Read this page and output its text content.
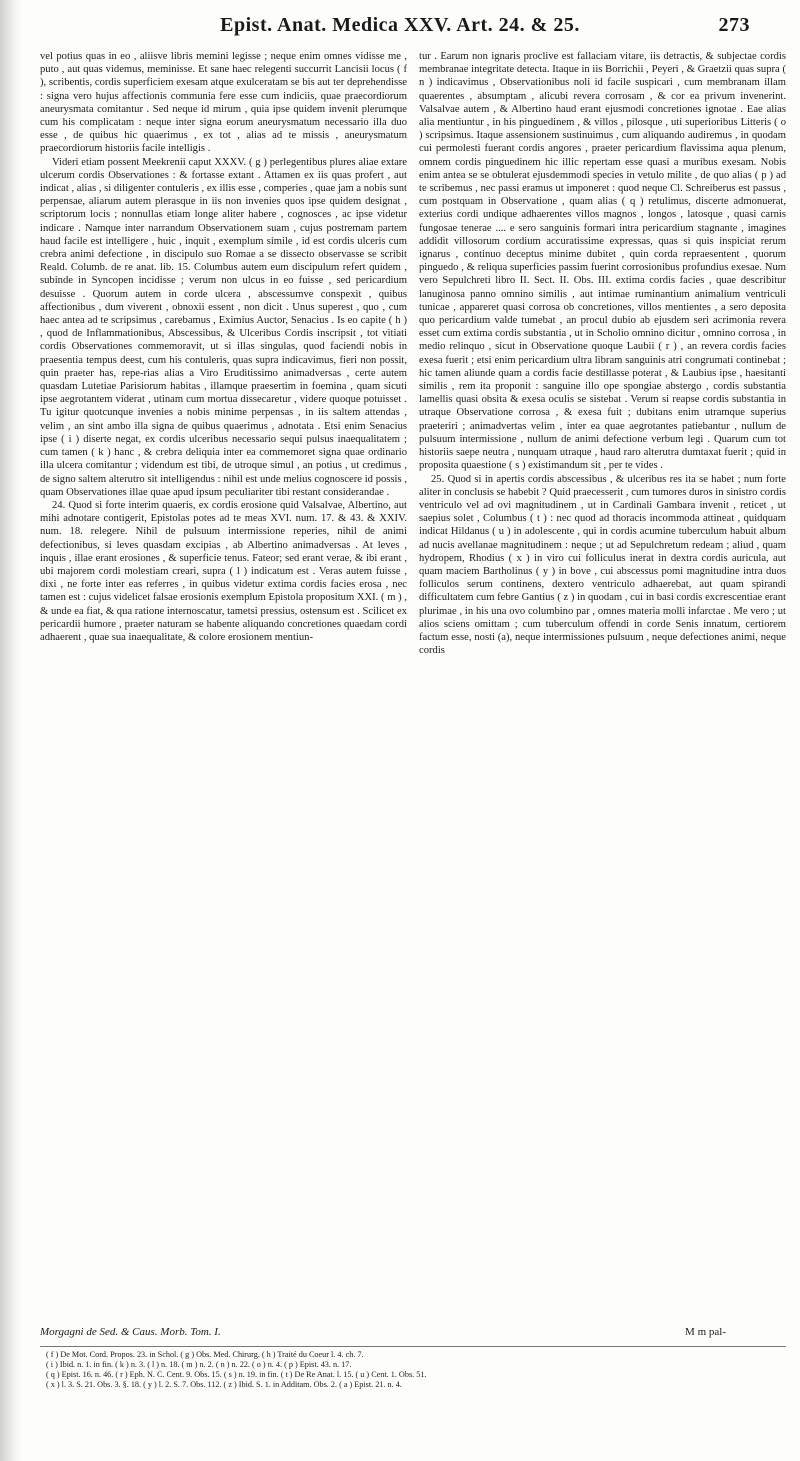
Epist. Anat. Medica XXV. Art. 24. & 25.	273

vel potius quas in eo , aliisve libris memini legisse ; neque enim omnes vidisse me , puto , aut quas videmus, meminisse. Et sane haec relegenti succurrit Lancisii locus ( f ), scribentis, cordis superficiem exesam atque exulceratam se bis aut ter deprehendisse : signa vero hujus affectionis communia fere esse cum indiciis, quae praecordiorum aneurysmata comitantur . Sed neque id mirum , quia ipse quidem invenit plerumque cum his complicatam : neque inter signa eorum aneurysmatum necessario illa duo esse , de quibus hic quaerimus , ex tot , alias ad te missis , aneurysmatum praecordiorum historiis facile intelligis .

Videri etiam possent Meekrenii caput XXXV. ( g ) perlegentibus plures aliae extare ulcerum cordis Observationes : & fortasse extant . Attamen ex iis quas profert , aut indicat , alias , si diligenter contuleris , ex illis esse , comperies , quae jam a nobis sunt perpensae, aliarum autem plerasque in iis non invenies quos ipse quidem designat , scriptorum locis ; nonnullas etiam longe aliter habere , cognosces , ac ipse videtur indicare . Namque inter narrandum Observationem suam , cujus postremam partem haud facile est intelligere , huic , inquit , exemplum simile , id est cordis ulceris cum crebra animi defectione , in discipulo suo Romae a se dissecto observasse se scribit Reald. Columb. de re anat. lib. 15. Columbus autem eum discipulum refert quidem , subinde in Syncopen incidisse ; verum non ulcus in eo fuisse , sed pericardium desuisse . Quorum autem in corde ulcera , abscessumve conspexit , quibus affectionibus , dum viverent , obnoxii essent , non dicit . Unus superest , quo , cum haec antea ad te scripsimus , carebamus , Eximius Auctor, Senacius . Is eo capite ( h ) , quod de Inflammationibus, Abscessibus, & Ulceribus Cordis inscripsit , tot vitiati cordis Observationes commemoravit, ut si illas singulas, quod faciendi nobis in praesentia tempus deest, cum his contuleris, quas supra indicavimus, fieri non possit, quin praeter has, repe-rias alias a Viro Eruditissimo animadversas , certe autem quasdam Lutetiae Parisiorum habitas , illamque praesertim in foemina , quam sicuti ipse aegrotantem viderat , utinam cum mortua dissecaretur , videre quoque potuisset . Tu igitur quotcunque invenies a nobis minime perpensas , in iis saltem attendas , velim , an sint ambo illa signa de quibus quaerimus , adnotata . Etsi enim Senacius ipse ( i ) diserte negat, ex cordis ulceribus necessario sequi pulsus inaequalitatem ; cum tamen ( k ) hanc , & crebra deliquia inter ea commemoret signa quae ordinario illa ulcera comitantur ; videndum est tibi, de utroque simul , an potius , ut credimus , de signo saltem alterutro sit intelligendus : nihil est unde melius cognoscere id possis , quam Observationes illae quae apud ipsum peculiariter tibi restant considerandae .

24. Quod si forte interim quaeris, ex cordis erosione quid Valsalvae, Albertino, aut mihi adnotare contigerit, Epistolas potes ad te meas XVI. num. 17. & 43. & XXIV. num. 18. relegere. Nihil de pulsuum intermissione reperies, nihil de animi defectionibus, si leves quasdam excipias , ab Albertino animadversas . At leves , inquis , illae erant erosiones , & superficie tenus. Fateor; sed erant verae, & ibi erant , ubi majorem cordi molestiam creari, supra ( l ) indicatum est . Veras autem fuisse , dixi , ne forte inter eas referres , in quibus videtur extima cordis facies erosa , nec tamen est : cujus videlicet falsae erosionis exemplum Epistola propositum XXI. ( m ) , & unde ea fiat, & qua ratione internoscatur, tametsi pressius, ostensum est . Scilicet ex pericardii humore , praeter naturam se habente aliquando concretiones quaedam cordi adhaerent , quae sua inaequalitate, & colore erosionem mentiun-

tur . Earum non ignaris proclive est fallaciam vitare, iis detractis, & subjectae cordis membranae integritate detecta. Itaque in iis Borrichii , Peyeri , & Graetzii quas supra ( n ) indicavimus , Observationibus noli id facile suspicari , cum membranam illam quaerentes , absumptam , alicubi revera corrosam , & cor ea privum invenerint. Valsalvae autem , & Albertino haud erant ejusmodi concretiones ignotae . Eae alias alia mentiuntur , in his pinguedinem , & villos , pilosque , uti superioribus Litteris ( o ) scripsimus. Itaque assensionem sustinuimus , cum aliquando audiremus , in quodam cui permolesti fuerant cordis angores , praeter pericardium flavissima aqua plenum, omnem cordis pinguedinem hic illic repertam esse quasi a muribus exesam. Nobis enim antea se se obtulerat ejusdemmodi species in vetulo milite , de quo alias ( p ) ad te scribemus , nec passi eramus ut imponeret : quod neque Cl. Schreiberus est passus , cum postquam in Observatione , quam alias ( q ) retulimus, discerte admonuerat, exterius cordi undique adhaerentes villos magnos , longos , latosque , quasi carnis fungosae tenerae .... e sero sanguinis formari intra pericardium stagnante , imagines addidit villosorum cordium accuratissime expressas, quas si quis inspiciat rerum ignarus , continuo deceptus minime dubitet , quin corda repraesentent , quorum pinguedo , & reliqua superficies passim fuerint corrosionibus profundius exesae. Num vero Sepulchreti libro II. Sect. II. Obs. III. extima cordis facies , quae describitur lanuginosa panno omnino similis , aut intimae ruminantium animalium ventriculi tunicae , appareret quasi corrosa ob concretiones, villos mentientes , a sero deposita quo pericardium valde tumebat , an procul dubio ab ejusdem seri acrimonia revera esset cum extima cordis substantia , ut in Scholio omnino dicitur , omnino corrosa , in medio relinquo , sicut in Observatione quoque Laubii ( r ) , an revera cordis facies exesa fuerit ; etsi enim pericardium ultra libram sanguinis atri congrumati continebat ; hic tamen aliunde quam a cordis facie destillasse poterat , & Laubius ipse , haesitanti similis , rem ita proponit : sanguine illo ope spongiae abstergo , cordis substantia lamellis quasi obsita & exesa oculis se sistebat . Verum si reapse cordis substantia in utraque Observatione corrosa , & exesa fuit ; dubitans enim utramque superius praeteriri ; animadvertas velim , inter ea quae aegrotantes patiebantur , nullum de pulsuum intermissione , nullum de animi defectione verbum legi . Quarum cum tot historiis saepe neutra , nunquam utraque , haud raro alterutra dumtaxat fuerit ; quid in proposita quaestione ( s ) existimandum sit , per te vides .

25. Quod si in apertis cordis abscessibus , & ulceribus res ita se habet ; num forte aliter in conclusis se habebit ? Quid praecesserit , cum tumores duros in sinistro cordis ventriculo vel ad ovi magnitudinem , ut in Cardinali Gambara invenit , reticet , ut saepius solet , Columbus ( t ) : nec quod ad thoracis incommoda attineat , quidquam indicat Hildanus ( u ) in adolescente , qui in cordis acumine tuberculum habuit album ad nucis avellanae magnitudinem : neque ; ut ad Sepulchretum redeam ; aliud , quam hydropem, Rhodius ( x ) in viro cui folliculus inerat in dextra cordis auricula, aut quam maciem Bartholinus ( y ) in bove , cui abscessus pomi magnitudine intra duos folliculos serum continens, dextero ventriculo adhaerebat, aut quam spirandi difficultatem cum febre Gantius ( z ) in quodam , cui in basi cordis excrescentiae erant plurimae , in his una ovo columbino par , omnes materia molli infarctae . Me vero ; ut alios sciens omittam ; cum tuberculum offendi in corde Senis innatum, certiorem factum esse, nosti (a), neque intermissiones pulsuum , neque defectiones animi, neque cordis

Morgagni de Sed. & Caus. Morb. Tom. I.	M m pal-
( f ) De Mot. Cord. Propos. 23. in Schol. ( g ) Obs. Med. Chirurg. ( h ) Traité du Coeur l. 4. ch. 7.
( i ) Ibid. n. 1. in fin. ( k ) n. 3. ( l ) n. 18. ( m ) n. 2. ( n ) n. 22. ( o ) n. 4. ( p ) Epist. 43. n. 17.
( q ) Epist. 16. n. 46. ( r ) Eph. N. C. Cent. 9. Obs. 15. ( s ) n. 19. in fin. ( t ) De Re Anat. l. 15. ( u ) Cent. 1. Obs. 51.
( x ) l. 3. S. 21. Obs. 3. §. 18. ( y ) l. 2. S. 7. Obs. 112. ( z ) Ibid. S. 1. in Additam. Obs. 2. ( a ) Epist. 21. n. 4.
